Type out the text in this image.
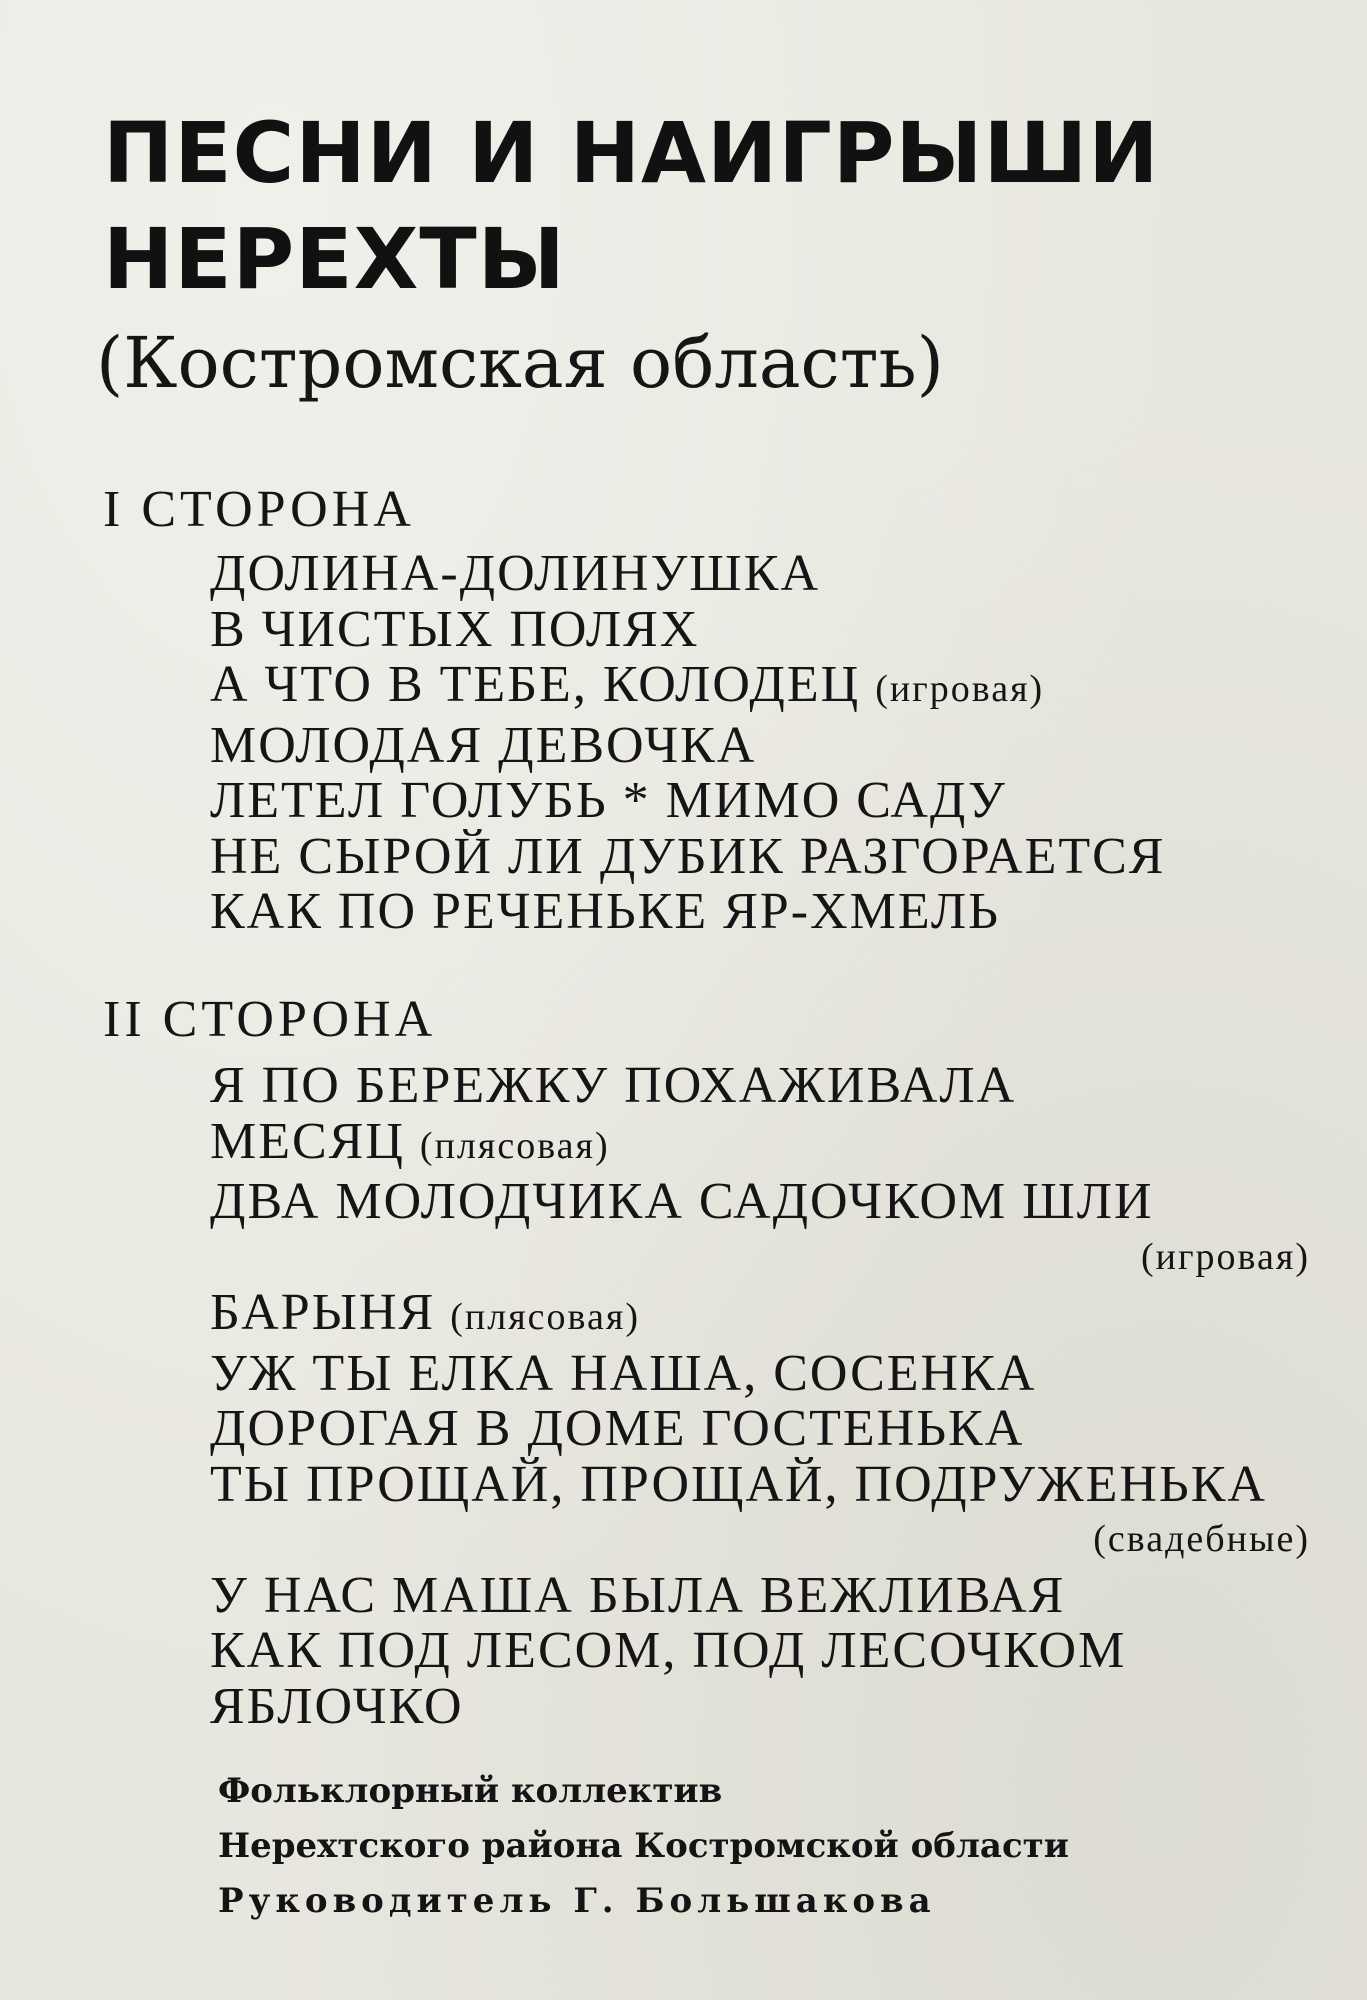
ПЕСНИ И НАИГРЫШИ
НЕРЕХТЫ
(Костромская область)
I СТОРОНА
ДОЛИНА-ДОЛИНУШКА
В ЧИСТЫХ ПОЛЯХ
А ЧТО В ТЕБЕ, КОЛОДЕЦ (игровая)
МОЛОДАЯ ДЕВОЧКА
ЛЕТЕЛ ГОЛУБЬ * МИМО САДУ
НЕ СЫРОЙ ЛИ ДУБИК РАЗГОРАЕТСЯ
КАК ПО РЕЧЕНЬКЕ ЯР-ХМЕЛЬ
II СТОРОНА
Я ПО БЕРЕЖКУ ПОХАЖИВАЛА
МЕСЯЦ (плясовая)
ДВА МОЛОДЧИКА САДОЧКОМ ШЛИ
(игровая)
БАРЫНЯ (плясовая)
УЖ ТЫ ЕЛКА НАША, СОСЕНКА
ДОРОГАЯ В ДОМЕ ГОСТЕНЬКА
ТЫ ПРОЩАЙ, ПРОЩАЙ, ПОДРУЖЕНЬКА
(свадебные)
У НАС МАША БЫЛА ВЕЖЛИВАЯ
КАК ПОД ЛЕСОМ, ПОД ЛЕСОЧКОМ
ЯБЛОЧКО
Фольклорный коллектив
Нерехтского района Костромской области
Руководитель Г. Большакова
